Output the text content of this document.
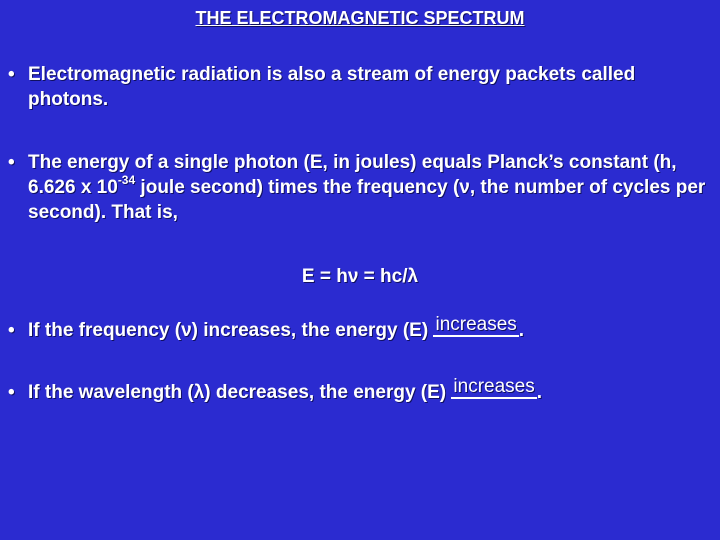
THE ELECTROMAGNETIC SPECTRUM
• Electromagnetic radiation is also a stream of energy packets called photons.
• The energy of a single photon (E, in joules) equals Planck’s constant (h, 6.626 x $10^{-34}$ joule second) times the frequency (ν, the number of cycles per second). That is,
E = hν = hc/λ
• If the frequency (ν) increases, the energy (E) increases .
• If the wavelength (λ) decreases, the energy (E) increases .
